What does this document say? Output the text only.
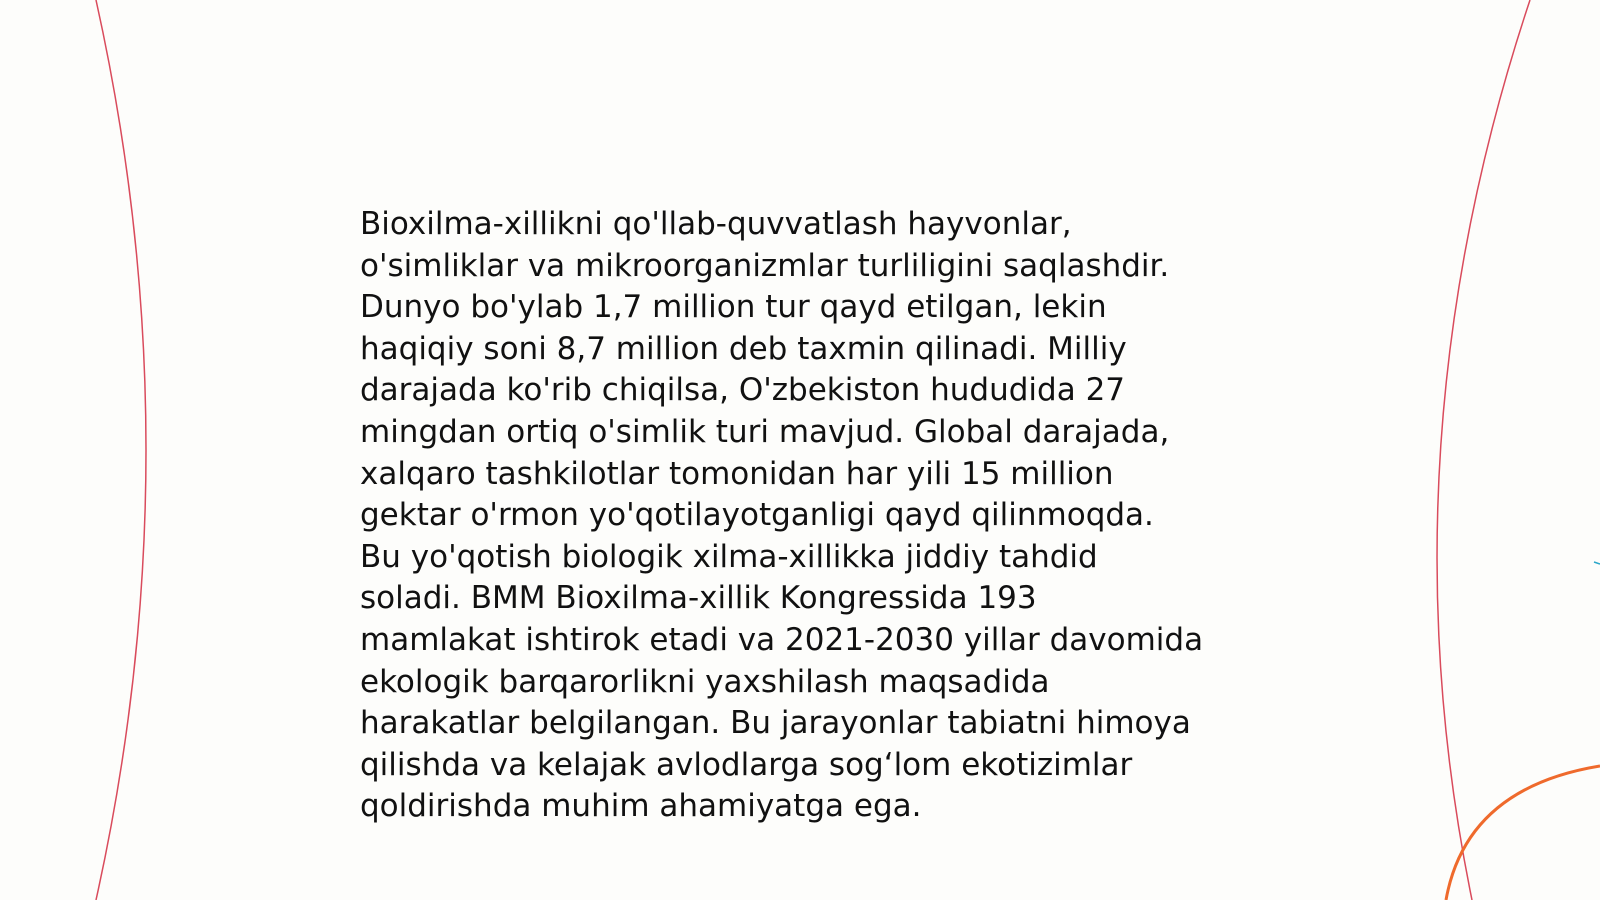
Bioxilma-xillikni qo'llab-quvvatlash hayvonlar,
o'simliklar va mikroorganizmlar turliligini saqlashdir.
Dunyo bo'ylab 1,7 million tur qayd etilgan, lekin
haqiqiy soni 8,7 million deb taxmin qilinadi. Milliy
darajada ko'rib chiqilsa, O'zbekiston hududida 27
mingdan ortiq o'simlik turi mavjud. Global darajada,
xalqaro tashkilotlar tomonidan har yili 15 million
gektar o'rmon yo'qotilayotganligi qayd qilinmoqda.
Bu yo'qotish biologik xilma-xillikka jiddiy tahdid
soladi. BMM Bioxilma-xillik Kongressida 193
mamlakat ishtirok etadi va 2021-2030 yillar davomida
ekologik barqarorlikni yaxshilash maqsadida
harakatlar belgilangan. Bu jarayonlar tabiatni himoya
qilishda va kelajak avlodlarga sog‘lom ekotizimlar
qoldirishda muhim ahamiyatga ega.
